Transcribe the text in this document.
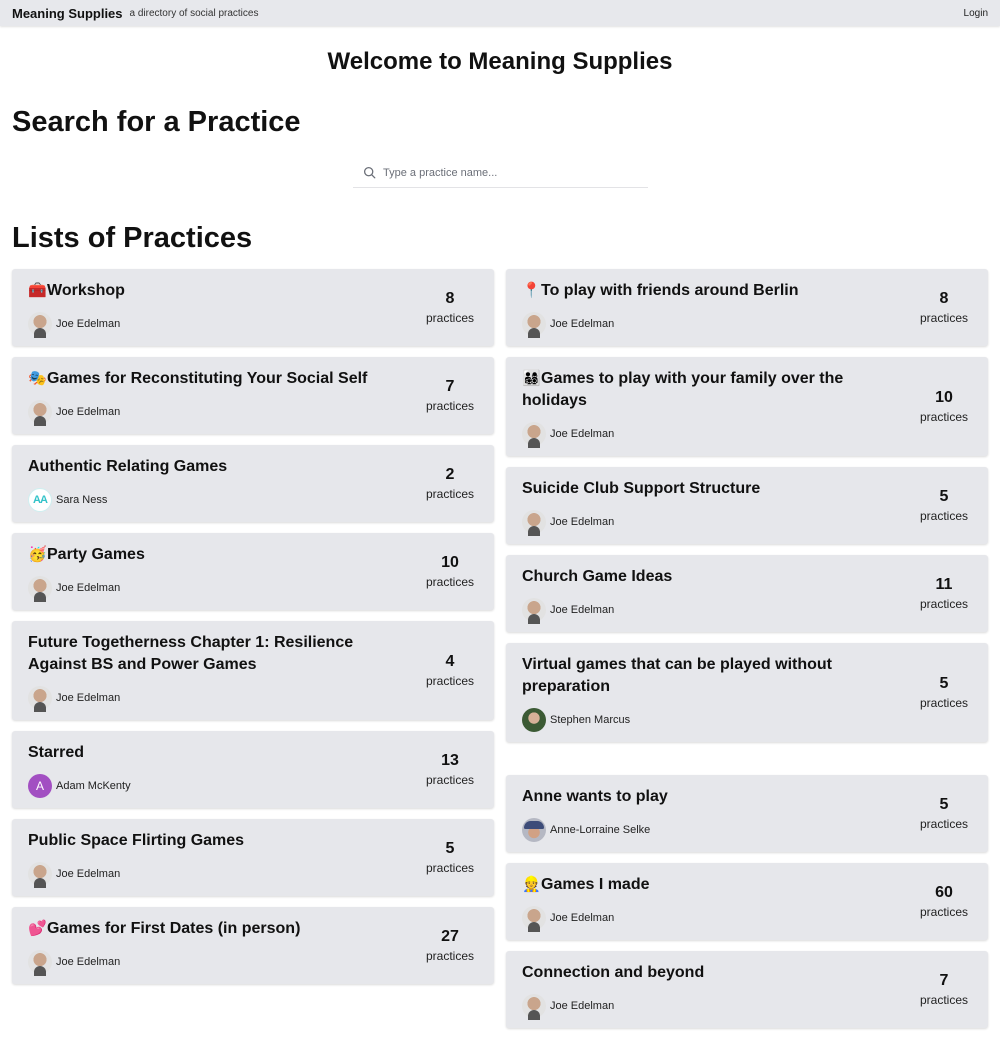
Meaning Supplies a directory of social practices	Login
Welcome to Meaning Supplies
Search for a Practice
Type a practice name...
Lists of Practices
🧰Workshop
Joe Edelman
8
practices
🎭Games for Reconstituting Your Social Self
Joe Edelman
7
practices
Authentic Relating Games
AA Sara Ness
2
practices
🥳Party Games
Joe Edelman
10
practices
Future Togetherness Chapter 1: Resilience Against BS and Power Games
Joe Edelman
4
practices
Starred
A	Adam McKenty
13
practices
Public Space Flirting Games
Joe Edelman
5
practices
💕Games for First Dates (in person)
Joe Edelman
27
practices
📍To play with friends around Berlin
Joe Edelman
8
practices
👨‍👩‍👧‍👦Games to play with your family over the holidays
Joe Edelman
10
practices
Suicide Club Support Structure
Joe Edelman
5
practices
Church Game Ideas
Joe Edelman
11
practices
Virtual games that can be played without preparation
Stephen Marcus
5
practices
Anne wants to play
Anne-Lorraine Selke
5
practices
👷Games I made
Joe Edelman
60
practices
Connection and beyond
Joe Edelman
7
practices
